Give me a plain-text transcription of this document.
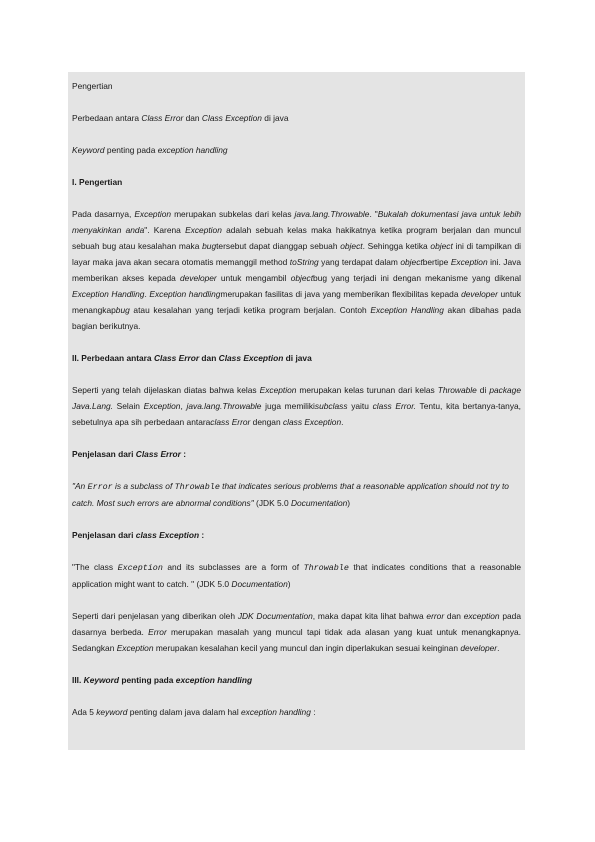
Pengertian

Perbedaan antara Class Error dan Class Exception di java

Keyword penting pada exception handling

I. Pengertian

Pada dasarnya, Exception merupakan subkelas dari kelas java.lang.Throwable. "Bukalah dokumentasi java untuk lebih menyakinkan anda". Karena Exception adalah sebuah kelas maka hakikatnya ketika program berjalan dan muncul sebuah bug atau kesalahan maka bugtersebut dapat dianggap sebuah object. Sehingga ketika object ini di tampilkan di layar maka java akan secara otomatis memanggil method toString yang terdapat dalam objectbertipe Exception ini. Java memberikan akses kepada developer untuk mengambil objectbug yang terjadi ini dengan mekanisme yang dikenal Exception Handling. Exception handlingmerupakan fasilitas di java yang memberikan flexibilitas kepada developer untuk menangkapbug atau kesalahan yang terjadi ketika program berjalan. Contoh Exception Handling akan dibahas pada bagian berikutnya.

II. Perbedaan antara Class Error dan Class Exception di java

Seperti yang telah dijelaskan diatas bahwa kelas Exception merupakan kelas turunan dari kelas Throwable di package Java.Lang. Selain Exception, java.lang.Throwable juga memilikisubclass yaitu class Error. Tentu, kita bertanya-tanya, sebetulnya apa sih perbedaan antaraclass Error dengan class Exception.

Penjelasan dari Class Error :

"An Error is a subclass of Throwable that indicates serious problems that a reasonable application should not try to catch. Most such errors are abnormal conditions" (JDK 5.0 Documentation)

Penjelasan dari class Exception :

"The class Exception and its subclasses are a form of Throwable that indicates conditions that a reasonable application might want to catch. " (JDK 5.0 Documentation)

Seperti dari penjelasan yang diberikan oleh JDK Documentation, maka dapat kita lihat bahwa error dan exception pada dasarnya berbeda. Error merupakan masalah yang muncul tapi tidak ada alasan yang kuat untuk menangkapnya. Sedangkan Exception merupakan kesalahan kecil yang muncul dan ingin diperlakukan sesuai keinginan developer.

III. Keyword penting pada exception handling

Ada 5 keyword penting dalam java dalam hal exception handling :
